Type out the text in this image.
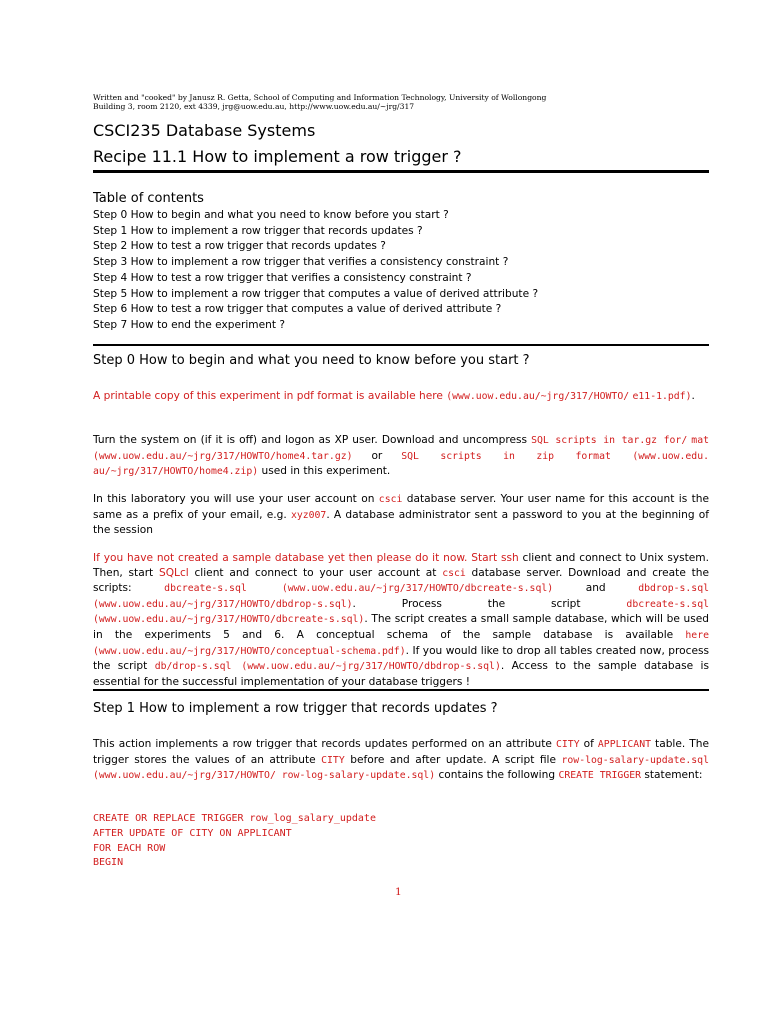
Written and "cooked" by Janusz R. Getta, School of Computing and Information Technology, University of Wollongong
Building 3, room 2120, ext 4339, jrg@uow.edu.au, http://www.uow.edu.au/~jrg/317
CSCI235 Database Systems
Recipe 11.1 How to implement a row trigger ?
Table of contents
Step 0 How to begin and what you need to know before you start ?
Step 1 How to implement a row trigger that records updates ?
Step 2 How to test a row trigger that records updates ?
Step 3 How to implement a row trigger that verifies a consistency constraint ?
Step 4 How to test a row trigger that verifies a consistency constraint ?
Step 5 How to implement a row trigger that computes a value of derived attribute ?
Step 6 How to test a row trigger that computes a value of derived attribute ?
Step 7 How to end the experiment ?
Step 0 How to begin and what you need to know before you start ?

A printable copy of this experiment in pdf format is available here (www.uow.edu.au/~jrg/317/HOWTO/ e11-1.pdf).

Turn the system on (if it is off) and logon as XP user. Download and uncompress SQL scripts in tar.gz for/ mat (www.uow.edu.au/~jrg/317/HOWTO/home4.tar.gz) or SQL scripts in zip format (www.uow.edu. au/~jrg/317/HOWTO/home4.zip) used in this experiment.

In this laboratory you will use your user account on csci database server. Your user name for this account is the same as a prefix of your email, e.g. xyz007. A database administrator sent a password to you at the beginning of the session

If you have not created a sample database yet then please do it now. Start ssh client and connect to Unix system. Then, start SQLcl client and connect to your user account at csci database server. Download and create the scripts: dbcreate-s.sql (www.uow.edu.au/~jrg/317/HOWTO/dbcreate-s.sql) and dbdrop-s.sql (www.uow.edu.au/~jrg/317/HOWTO/dbdrop-s.sql). Process the script dbcreate-s.sql (www.uow.edu.au/~jrg/317/HOWTO/dbcreate-s.sql). The script creates a small sample database, which will be used in the experiments 5 and 6. A conceptual schema of the sample database is available here (www.uow.edu.au/~jrg/317/HOWTO/conceptual-schema.pdf). If you would like to drop all tables created now, process the script db/drop-s.sql (www.uow.edu.au/~jrg/317/HOWTO/dbdrop-s.sql). Access to the sample database is essential for the successful implementation of your database triggers !

Step 1 How to implement a row trigger that records updates ?

This action implements a row trigger that records updates performed on an attribute CITY of APPLICANT table. The trigger stores the values of an attribute CITY before and after update. A script file row-log-salary-update.sql (www.uow.edu.au/~jrg/317/HOWTO/ row-log-salary-update.sql) contains the following CREATE TRIGGER statement:

CREATE OR REPLACE TRIGGER row_log_salary_update
AFTER UPDATE OF CITY ON APPLICANT
FOR EACH ROW
BEGIN
1
